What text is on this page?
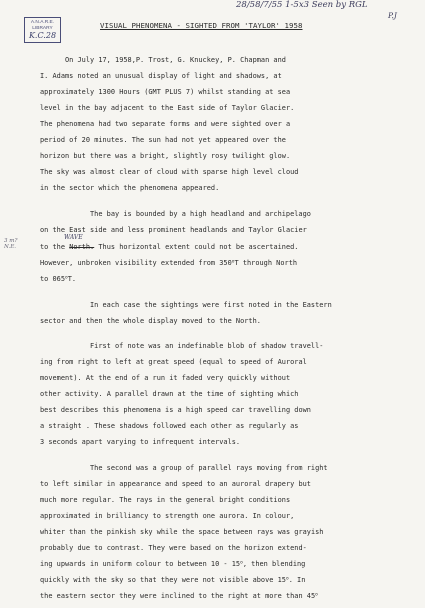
28/58/7/55 1-5x3 Seen by RGL
P.J
A.N.A.R.E.
LIBRARY
K.C.28
VISUAL PHENOMENA - SIGHTED FROM 'TAYLOR' 1958
On July 17, 1958,P. Trost, G. Knuckey, P. Chapman and
I. Adams noted an unusual display of light and shadows, at
approximately 1300 Hours (GMT PLUS 7) whilst standing at sea
level in the bay adjacent to the East side of Taylor Glacier.
The phenomena had two separate forms and were sighted over a
period of 20 minutes. The sun had not yet appeared over the
horizon but there was a bright, slightly rosy twilight glow.
The sky was almost clear of cloud with sparse high level cloud
in the sector which the phenomena appeared.
The bay is bounded by a high headland and archipelago
on the East side and less prominent headlands and Taylor Glacier
WAVE
to the North. Thus horizontal extent could not be ascertained.
However, unbroken visibility extended from 350$^o$T through North
to 065$^o$T.
3 m?
N.E.
In each case the sightings were first noted in the Eastern
sector and then the whole display moved to the North.
First of note was an indefinable blob of shadow travell-
ing from right to left at great speed (equal to speed of Auroral
movement). At the end of a run it faded very quickly without
other activity. A parallel drawn at the time of sighting which
best describes this phenomena is a high speed car travelling down
a straight . These shadows followed each other as regularly as
3 seconds apart varying to infrequent intervals.
The second was a group of parallel rays moving from right
to left similar in appearance and speed to an auroral drapery but
much more regular. The rays in the general bright conditions
approximated in brilliancy to strength one aurora. In colour,
whiter than the pinkish sky while the space between rays was grayish
probably due to contrast. They were based on the horizon extend-
ing upwards in uniform colour to between 10 - 15$^o$, then blending
quickly with the sky so that they were not visible above 15$^o$. In
the eastern sector they were inclined to the right at more than 45$^o$
